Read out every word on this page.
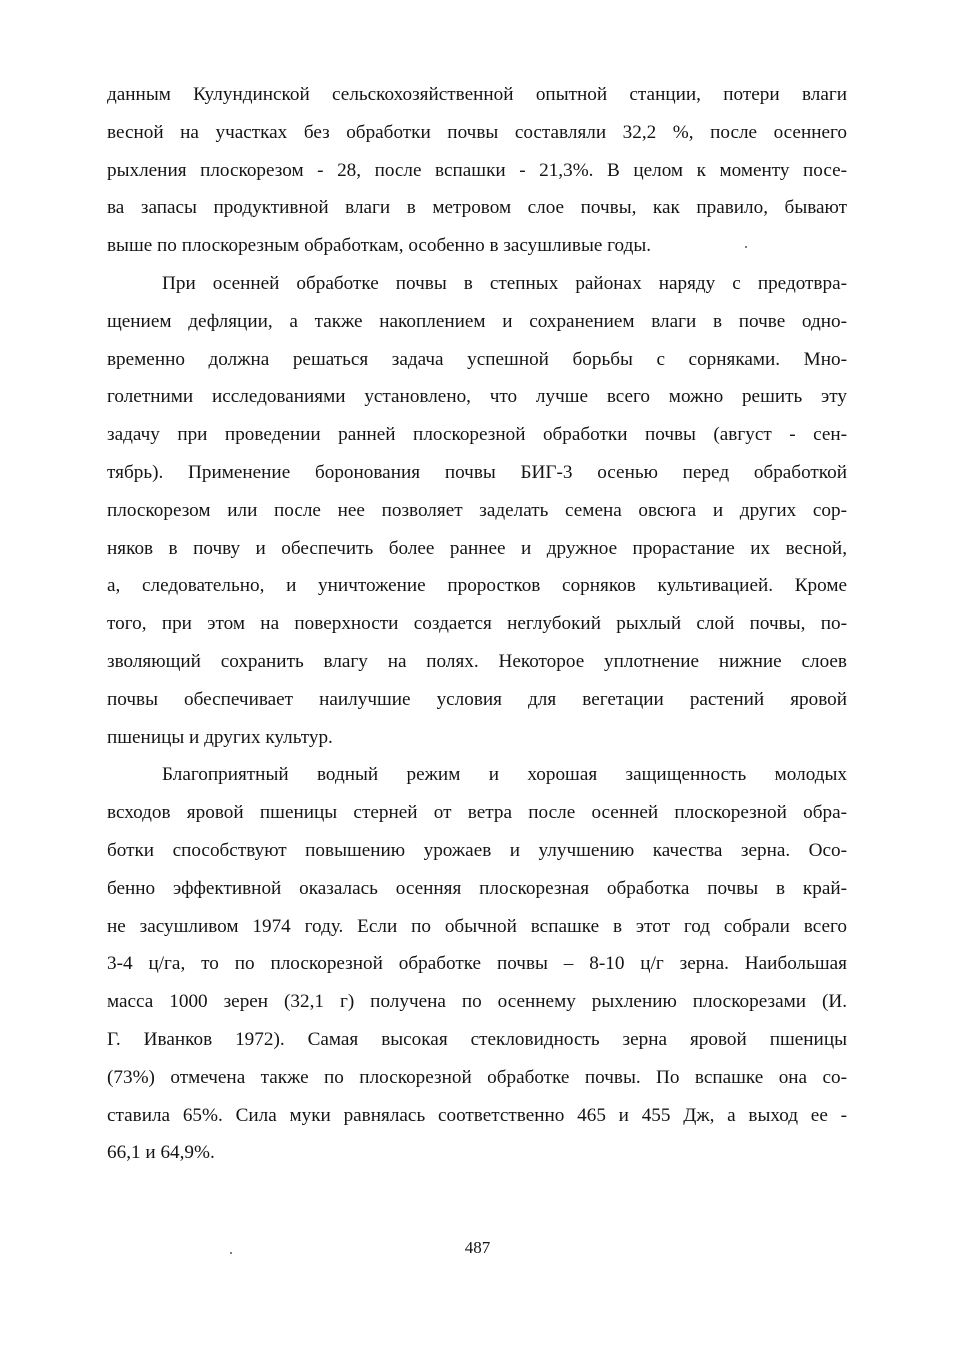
данным Кулундинской сельскохозяйственной опытной станции, потери влаги
весной на участках без обработки почвы составляли 32,2 %, после осеннего
рыхления плоскорезом - 28, после вспашки - 21,3%. В целом к моменту посе-
ва запасы продуктивной влаги в метровом слое почвы, как правило, бывают
выше по плоскорезным обработкам, особенно в засушливые годы.
При осенней обработке почвы в степных районах наряду с предотвра-
щением дефляции, а также накоплением и сохранением влаги в почве одно-
временно должна решаться задача успешной борьбы с сорняками. Мно-
голетними исследованиями установлено, что лучше всего можно решить эту
задачу при проведении ранней плоскорезной обработки почвы (август - сен-
тябрь). Применение боронования почвы БИГ-3 осенью перед обработкой
плоскорезом или после нее позволяет заделать семена овсюга и других сор-
няков в почву и обеспечить более раннее и дружное прорастание их весной,
а, следовательно, и уничтожение проростков сорняков культивацией. Кроме
того, при этом на поверхности создается неглубокий рыхлый слой почвы, по-
зволяющий сохранить влагу на полях. Некоторое уплотнение нижние слоев
почвы обеспечивает наилучшие условия для вегетации растений яровой
пшеницы и других культур.
Благоприятный водный режим и хорошая защищенность молодых
всходов яровой пшеницы стерней от ветра после осенней плоскорезной обра-
ботки способствуют повышению урожаев и улучшению качества зерна. Осо-
бенно эффективной оказалась осенняя плоскорезная обработка почвы в край-
не засушливом 1974 году. Если по обычной вспашке в этот год собрали всего
3-4 ц/га, то по плоскорезной обработке почвы – 8-10 ц/г зерна. Наибольшая
масса 1000 зерен (32,1 г) получена по осеннему рыхлению плоскорезами (И.
Г. Иванков 1972). Самая высокая стекловидность зерна яровой пшеницы
(73%) отмечена также по плоскорезной обработке почвы. По вспашке она со-
ставила 65%. Сила муки равнялась соответственно 465 и 455 Дж, а выход ее -
66,1 и 64,9%.
487
